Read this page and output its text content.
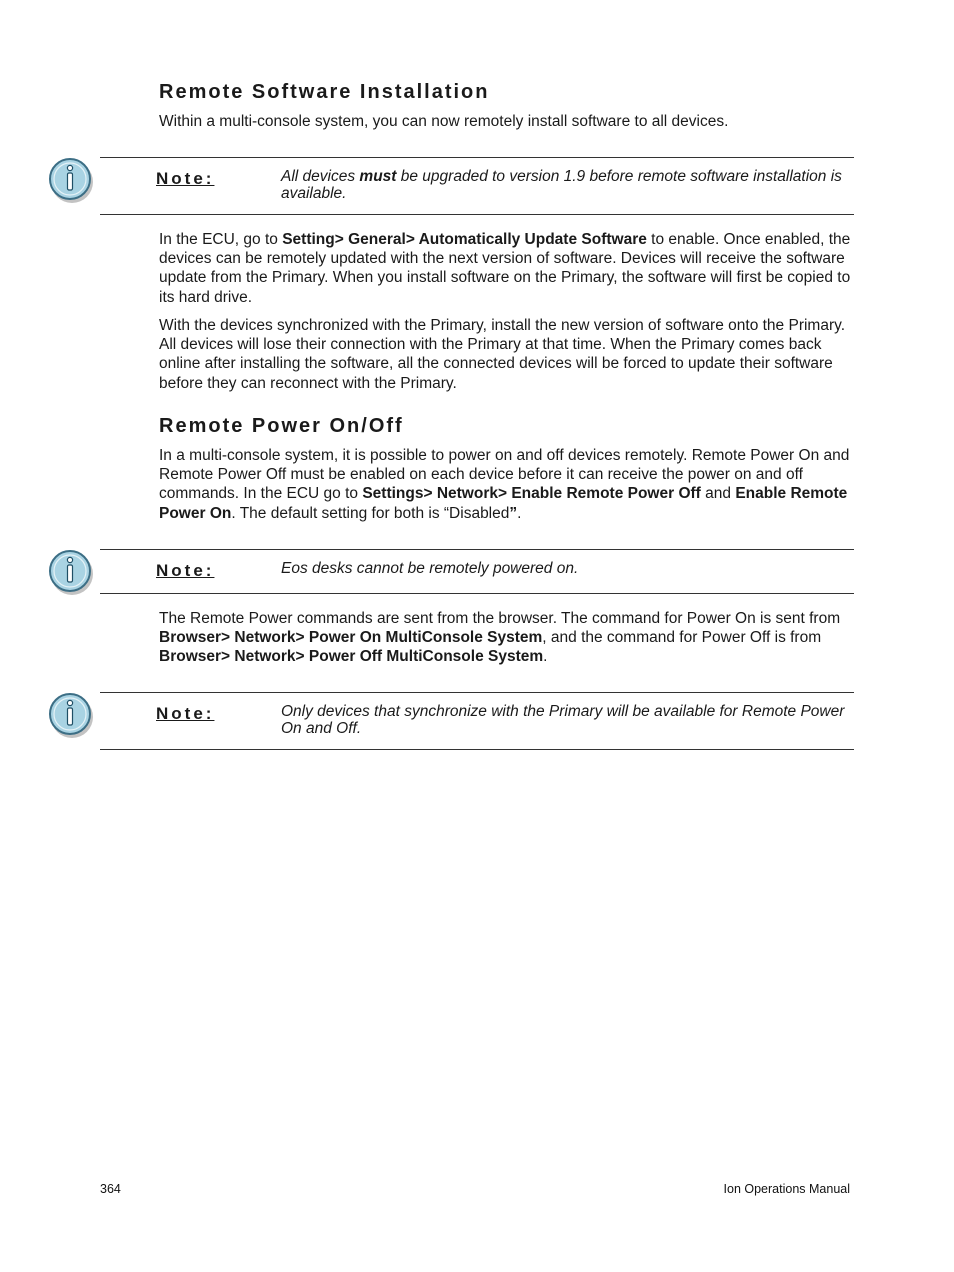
Remote Software Installation

Within a multi-console system, you can now remotely install software to all devices.

Note:	All devices must be upgraded to version 1.9 before remote software installation is available.

In the ECU, go to Setting> General> Automatically Update Software to enable. Once enabled, the devices can be remotely updated with the next version of software. Devices will receive the software update from the Primary. When you install software on the Primary, the software will first be copied to its hard drive.

With the devices synchronized with the Primary, install the new version of software onto the Primary. All devices will lose their connection with the Primary at that time. When the Primary comes back online after installing the software, all the connected devices will be forced to update their software before they can reconnect with the Primary.

Remote Power On/Off

In a multi-console system, it is possible to power on and off devices remotely. Remote Power On and Remote Power Off must be enabled on each device before it can receive the power on and off commands. In the ECU go to Settings> Network> Enable Remote Power Off and Enable Remote Power On. The default setting for both is “Disabled”.

Note:	Eos desks cannot be remotely powered on.

The Remote Power commands are sent from the browser. The command for Power On is sent from Browser> Network> Power On MultiConsole System, and the command for Power Off is from Browser> Network> Power Off MultiConsole System.

Note:	Only devices that synchronize with the Primary will be available for Remote Power On and Off.
364	Ion Operations Manual
